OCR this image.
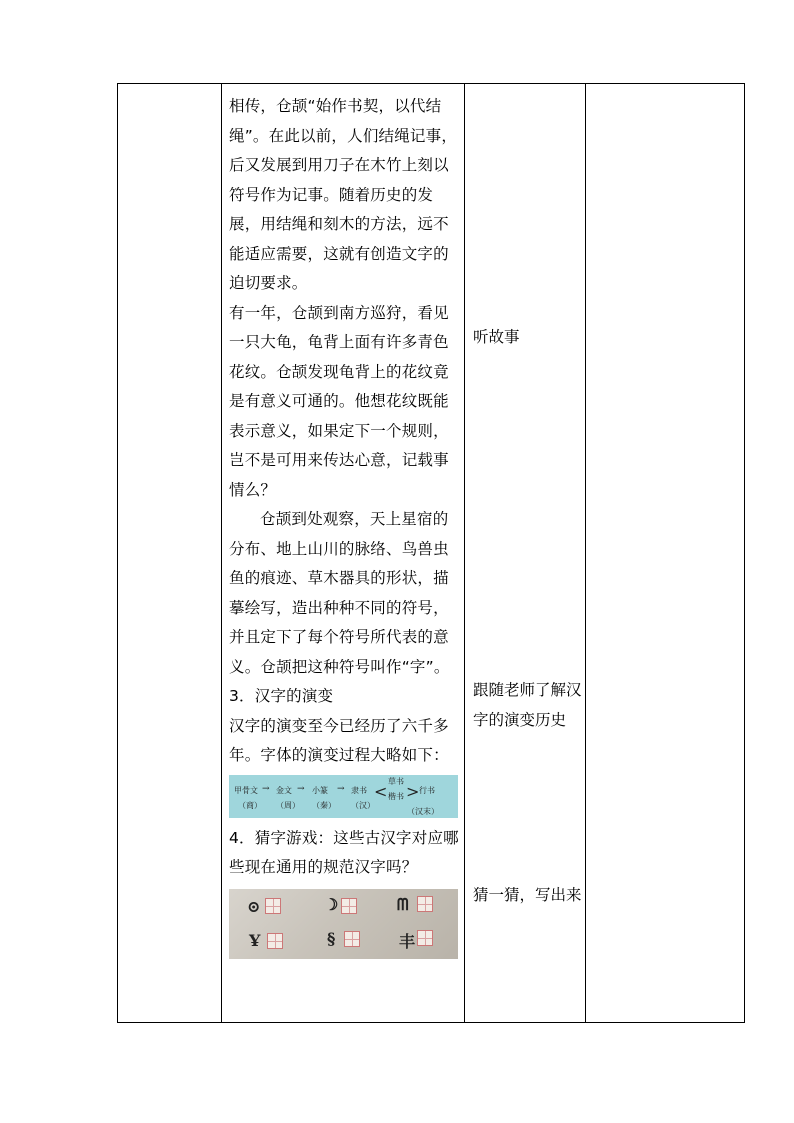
相传，仓颉“始作书契，以代结绳”。在此以前，人们结绳记事，后又发展到用刀子在木竹上刻以符号作为记事。随着历史的发展，用结绳和刻木的方法，远不能适应需要，这就有创造文字的迫切要求。

有一年，仓颉到南方巡狩，看见一只大龟，龟背上面有许多青色花纹。仓颉发现龟背上的花纹竟是有意义可通的。他想花纹既能表示意义，如果定下一个规则，岂不是可用来传达心意，记载事情么？

仓颉到处观察，天上星宿的分布、地上山川的脉络、鸟兽虫鱼的痕迹、草木器具的形状，描摹绘写，造出种种不同的符号，并且定下了每个符号所代表的意义。仓颉把这种符号叫作“字”。

3．汉字的演变

汉字的演变至今已经历了六千多年。字体的演变过程大略如下：

甲骨文
（商）
→ 金文
（周）
→ 小篆
（秦）
→ 隶书
（汉）
<
草书
楷书 > 行书
（汉末）

4．猜字游戏：这些古汉字对应哪些现在通用的规范汉字吗？

⊙	☽	ᗰ
Ұ	§	丰
听故事
跟随老师了解汉字的演变历史
猜一猜，写出来
